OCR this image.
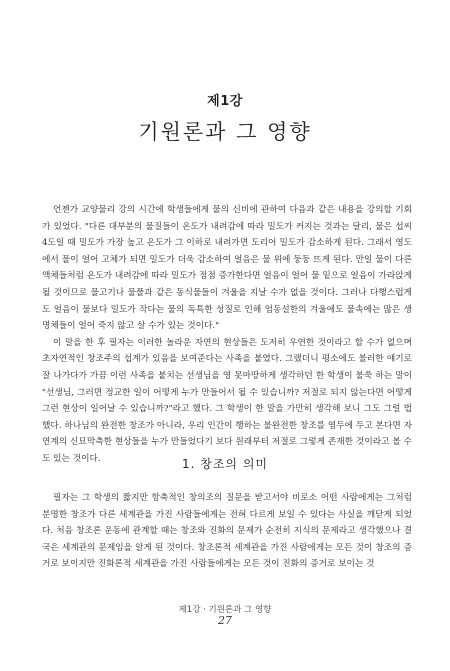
제1강
기원론과 그 영향

언젠가 교양물리 강의 시간에 학생들에게 물의 신비에 관하여 다음과 같은 내용을 강의할 기회가 있었다. "다른 대부분의 물질들이 온도가 내려감에 따라 밀도가 커지는 것과는 달리, 물은 섭씨 4도일 때 밀도가 가장 높고 온도가 그 이하로 내려가면 도리어 밀도가 감소하게 된다. 그래서 영도에서 물이 얼어 고체가 되면 밀도가 더욱 감소하여 얼음은 물 위에 둥둥 뜨게 된다. 만일 물이 다른 액체들처럼 온도가 내려감에 따라 밀도가 점점 증가한다면 얼음이 얼어 물 밑으로 얼음이 가라앉게 될 것이므로 물고기나 물풀과 같은 동식물들이 겨울을 지날 수가 없을 것이다. 그러나 다행스럽게도 얼음이 물보다 밀도가 작다는 물의 독특한 성질로 인해 엄동설한의 겨울에도 물속에는 많은 생명체들이 얼어 죽지 않고 살 수가 있는 것이다."

이 말을 한 후 필자는 이러한 놀라운 자연의 현상들은 도저히 우연한 것이라고 할 수가 없으며 초자연적인 창조주의 섭계가 있음을 보여준다는 사족을 붙였다. 그랬더니 평소에도 불러한 얘기로 잘 나가다가 가끔 이런 사족을 붙치는 선생님을 영 못마땅하게 생각하던 한 학생이 불쑥 하는 말이 "선생님, 그러면 정교한 일이 어떻게 누가 만들어서 될 수 있습니까? 저절로 되지 않는다면 어떻게 그런 현상이 일어날 수 있습니까?"라고 했다. 그 학생이 한 말을 가만히 생각해 보니 그도 그럴 법 했다. 하나님의 완전한 창조가 아니라, 우리 인간이 행하는 불완전한 창조를 염두에 두고 본다면 자연계의 신묘막측한 현상들을 누가 만들었다기 보다 원래부터 저절로 그렇게 존재한 것이라고 볼 수도 있는 것이다.	1. 창조의 의미

필자는 그 학생의 짧지만 함축적인 창의조의 질문을 받고서야 비로소 어떤 사람에게는 그처럼 분명한 창조가 다른 세계관을 가진 사람들에게는 전혀 다르게 보일 수 있다는 사실을 깨닫게 되었다. 처음 창조론 운동에 관계할 때는 창조와 진화의 문제가 순전히 지식의 문제라고 생각했으나 결국은 세계관의 문제임을 알게 된 것이다. 창조론적 세계관을 가진 사람에게는 모든 것이 창조의 증거로 보이지만 진화론적 세계관을 가진 사람들에게는 모든 것이 진화의 증거로 보이는 것

제1강 · 기원론과 그 영향
27
